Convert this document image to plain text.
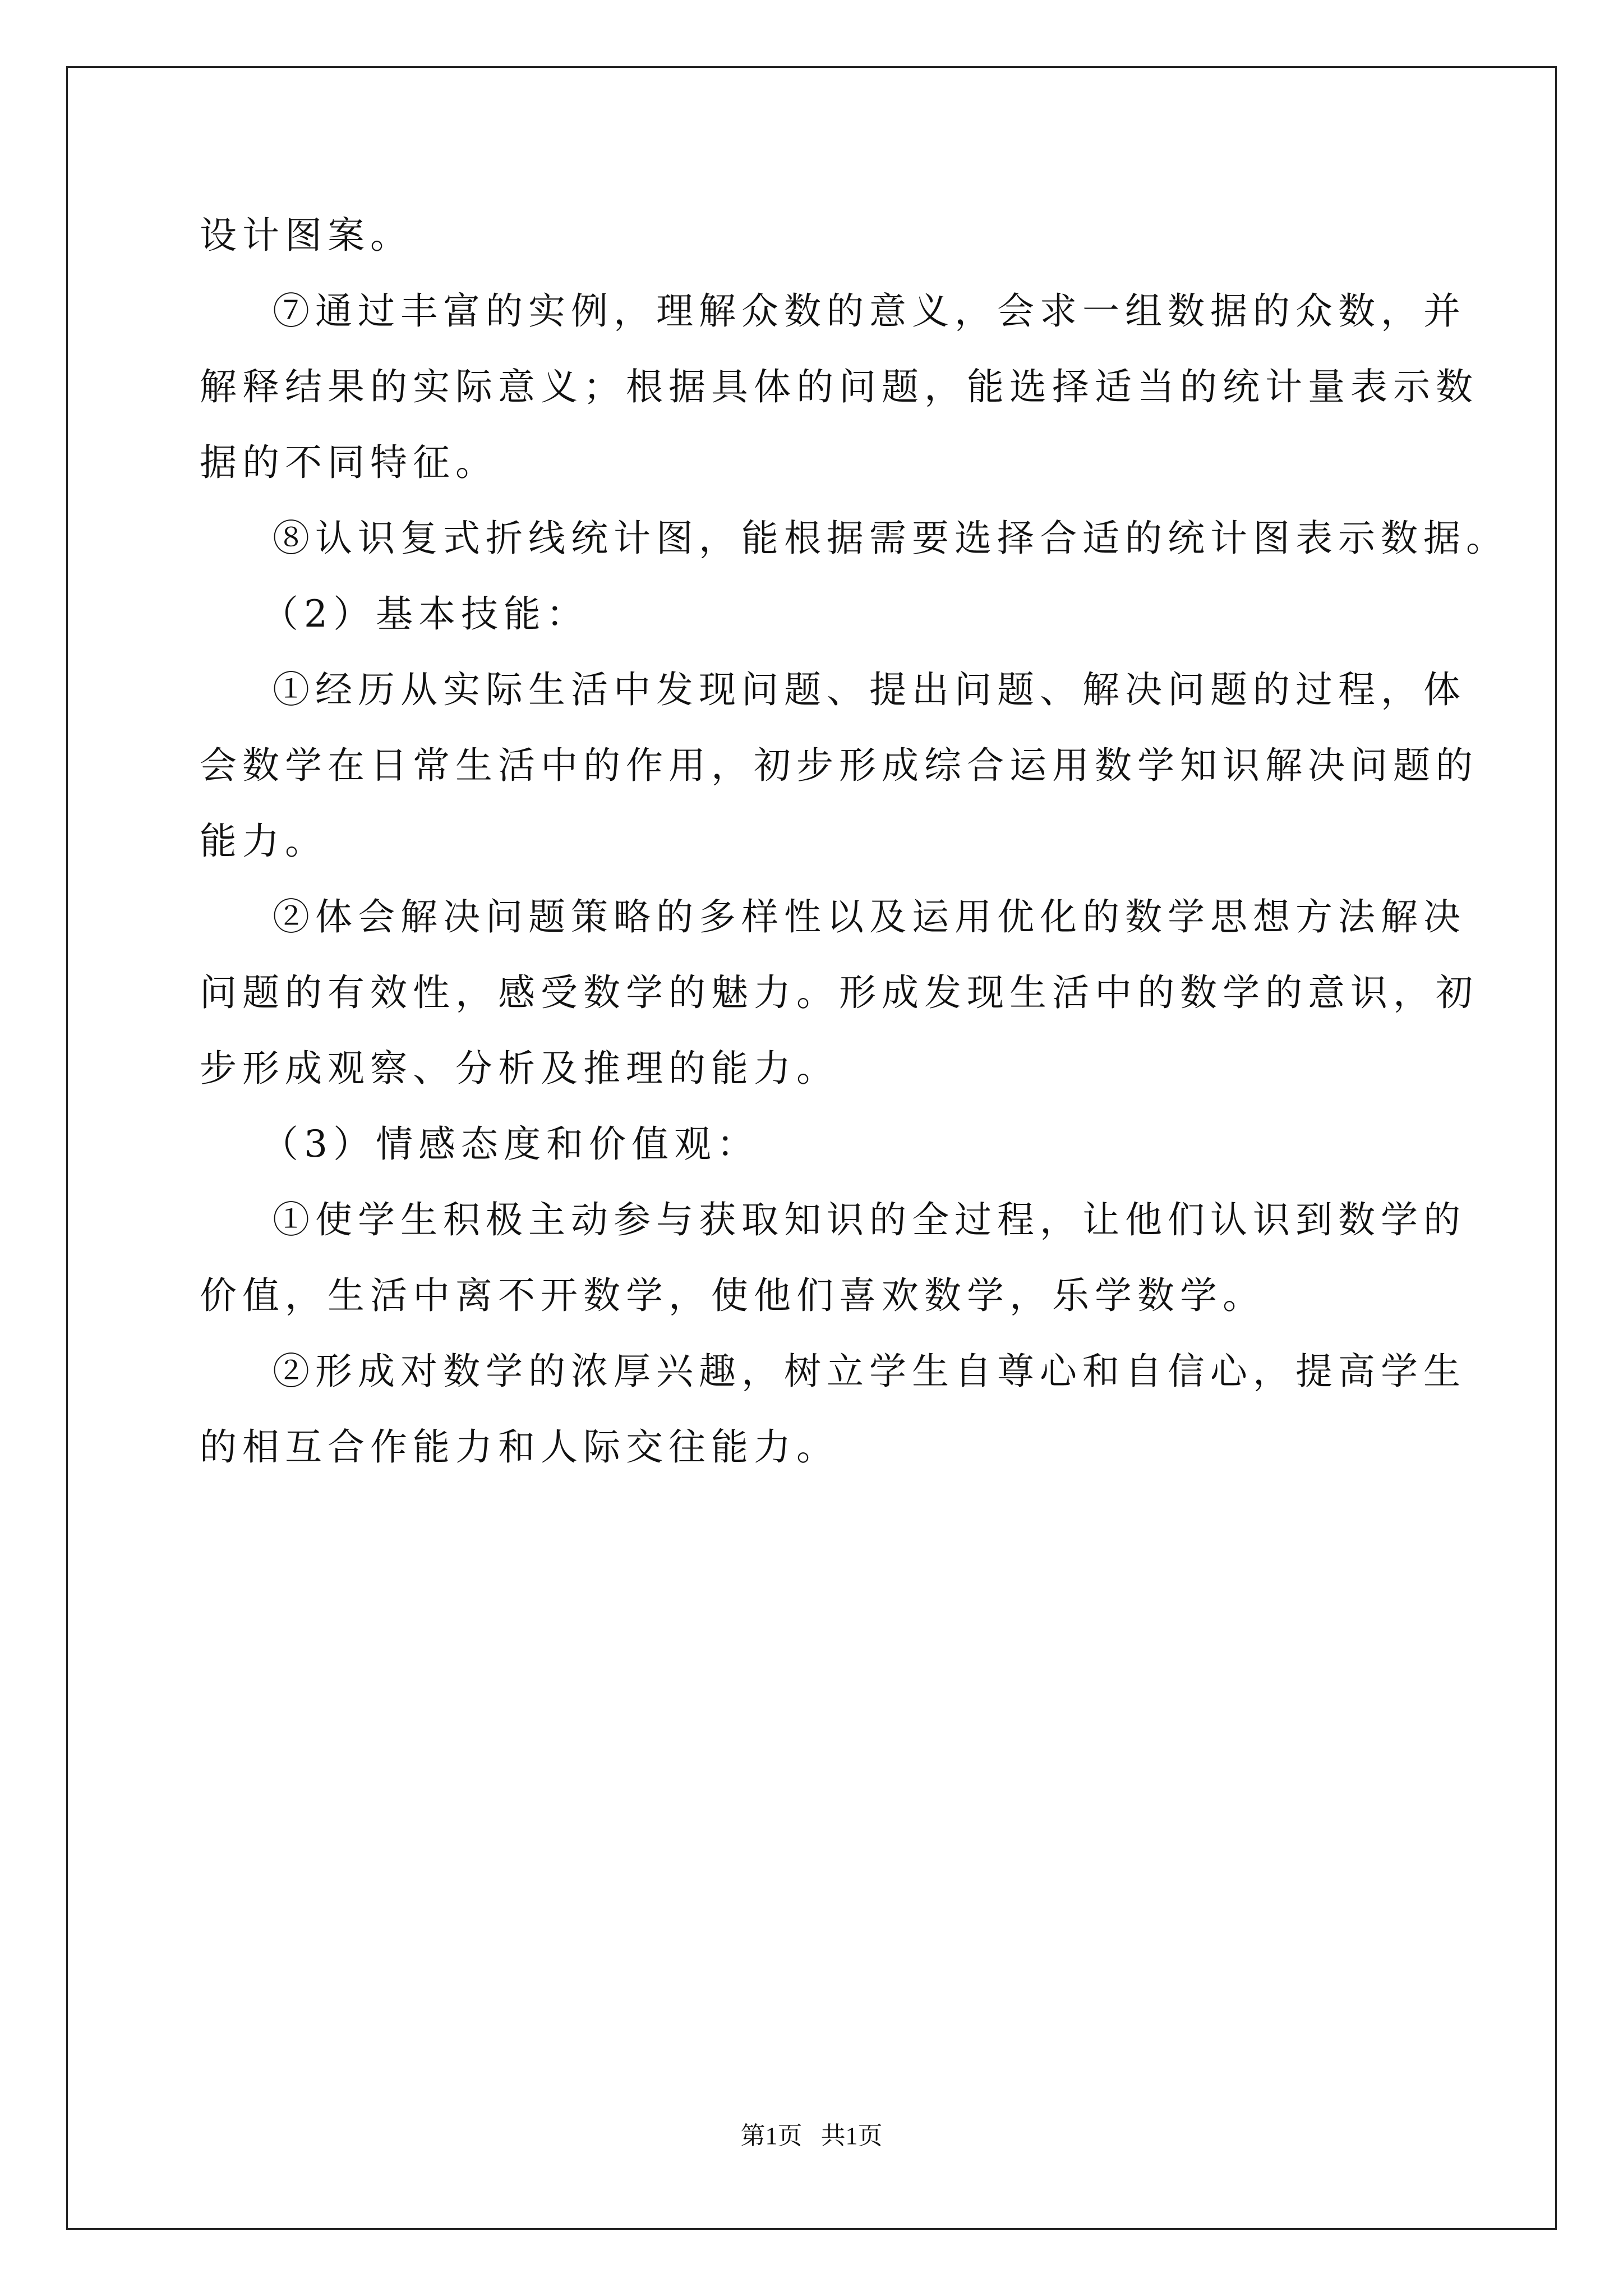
设计图案。
⑦通过丰富的实例，理解众数的意义，会求一组数据的众数，并
解释结果的实际意义；根据具体的问题，能选择适当的统计量表示数
据的不同特征。
⑧认识复式折线统计图，能根据需要选择合适的统计图表示数据。
（2）基本技能：
①经历从实际生活中发现问题、提出问题、解决问题的过程，体
会数学在日常生活中的作用，初步形成综合运用数学知识解决问题的
能力。
②体会解决问题策略的多样性以及运用优化的数学思想方法解决
问题的有效性，感受数学的魅力。形成发现生活中的数学的意识，初
步形成观察、分析及推理的能力。
（3）情感态度和价值观：
①使学生积极主动参与获取知识的全过程，让他们认识到数学的
价值，生活中离不开数学，使他们喜欢数学，乐学数学。
②形成对数学的浓厚兴趣，树立学生自尊心和自信心，提高学生
的相互合作能力和人际交往能力。
第1页   共1页
